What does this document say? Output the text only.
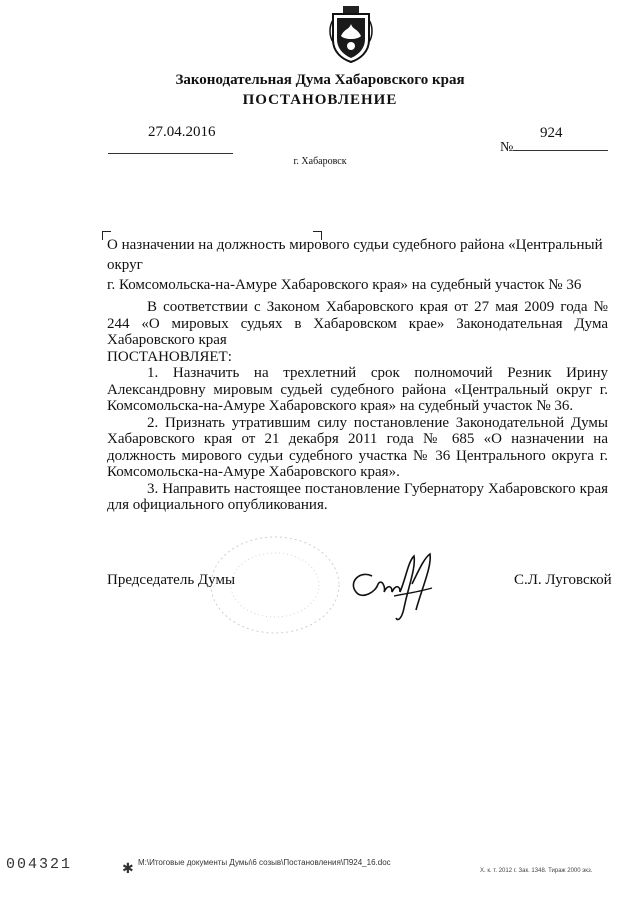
Законодательная Дума Хабаровского края
ПОСТАНОВЛЕНИЕ
27.04.2016
№
924
г. Хабаровск
О назначении на должность мирового судьи судебного района «Центральный округ
г. Комсомольска-на-Амуре Хабаровского края» на судебный участок № 36

В соответствии с Законом Хабаровского края от 27 мая 2009 года № 244 «О мировых судьях в Хабаровском крае» Законодательная Дума Хабаровского края

ПОСТАНОВЛЯЕТ:

1. Назначить на трехлетний срок полномочий Резник Ирину Александровну мировым судьей судебного района «Центральный округ г. Комсомольска-на-Амуре Хабаровского края» на судебный участок № 36.

2. Признать утратившим силу постановление Законодательной Думы Хабаровского края от 21 декабря 2011 года № 685 «О назначении на должность мирового судьи судебного участка № 36 Центрального округа г. Комсомольска-на-Амуре Хабаровского края».

3. Направить настоящее постановление Губернатору Хабаровского края для официального опубликования.

Председатель Думы	С.Л. Луговской
004321	✱ M:\Итоговые документы Думы\6 созыв\Постановления\П924_16.doc
Х. к. т. 2012 г. Зак. 1348. Тираж 2000 экз.
